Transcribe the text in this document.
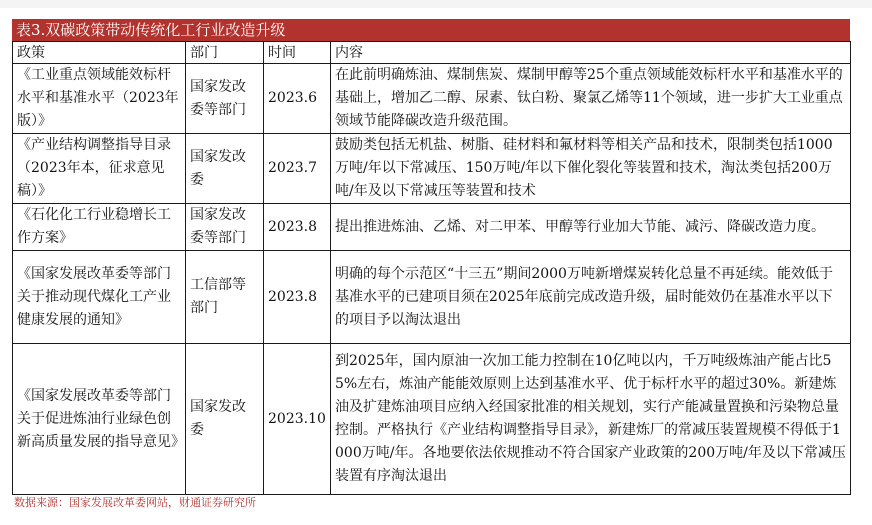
表3.双碳政策带动传统化工行业改造升级
政策	部门	时间	内容
《工业重点领域能效标杆水平和基准水平（2023年版）》	国家发改委等部门	2023.6	在此前明确炼油、煤制焦炭、煤制甲醇等25个重点领域能效标杆水平和基准水平的基础上，增加乙二醇、尿素、钛白粉、聚氯乙烯等11个领域，进一步扩大工业重点领域节能降碳改造升级范围。
《产业结构调整指导目录（2023年本，征求意见稿）》	国家发改委	2023.7	鼓励类包括无机盐、树脂、硅材料和氟材料等相关产品和技术，限制类包括1000万吨/年以下常减压、150万吨/年以下催化裂化等装置和技术，淘汰类包括200万吨/年及以下常减压等装置和技术
《石化化工行业稳增长工作方案》	国家发改委等部门	2023.8	提出推进炼油、乙烯、对二甲苯、甲醇等行业加大节能、减污、降碳改造力度。
《国家发展改革委等部门关于推动现代煤化工产业健康发展的通知》	工信部等部门	2023.8	明确的每个示范区“十三五”期间2000万吨新增煤炭转化总量不再延续。能效低于基准水平的已建项目须在2025年底前完成改造升级，届时能效仍在基准水平以下的项目予以淘汰退出
《国家发展改革委等部门关于促进炼油行业绿色创新高质量发展的指导意见》	国家发改委	2023.10	到2025年，国内原油一次加工能力控制在10亿吨以内，千万吨级炼油产能占比55%左右，炼油产能能效原则上达到基准水平、优于标杆水平的超过30%。新建炼油及扩建炼油项目应纳入经国家批准的相关规划，实行产能减量置换和污染物总量控制。严格执行《产业结构调整指导目录》，新建炼厂的常减压装置规模不得低于1000万吨/年。各地要依法依规推动不符合国家产业政策的200万吨/年及以下常减压装置有序淘汰退出
数据来源：国家发展改革委网站，财通证券研究所
